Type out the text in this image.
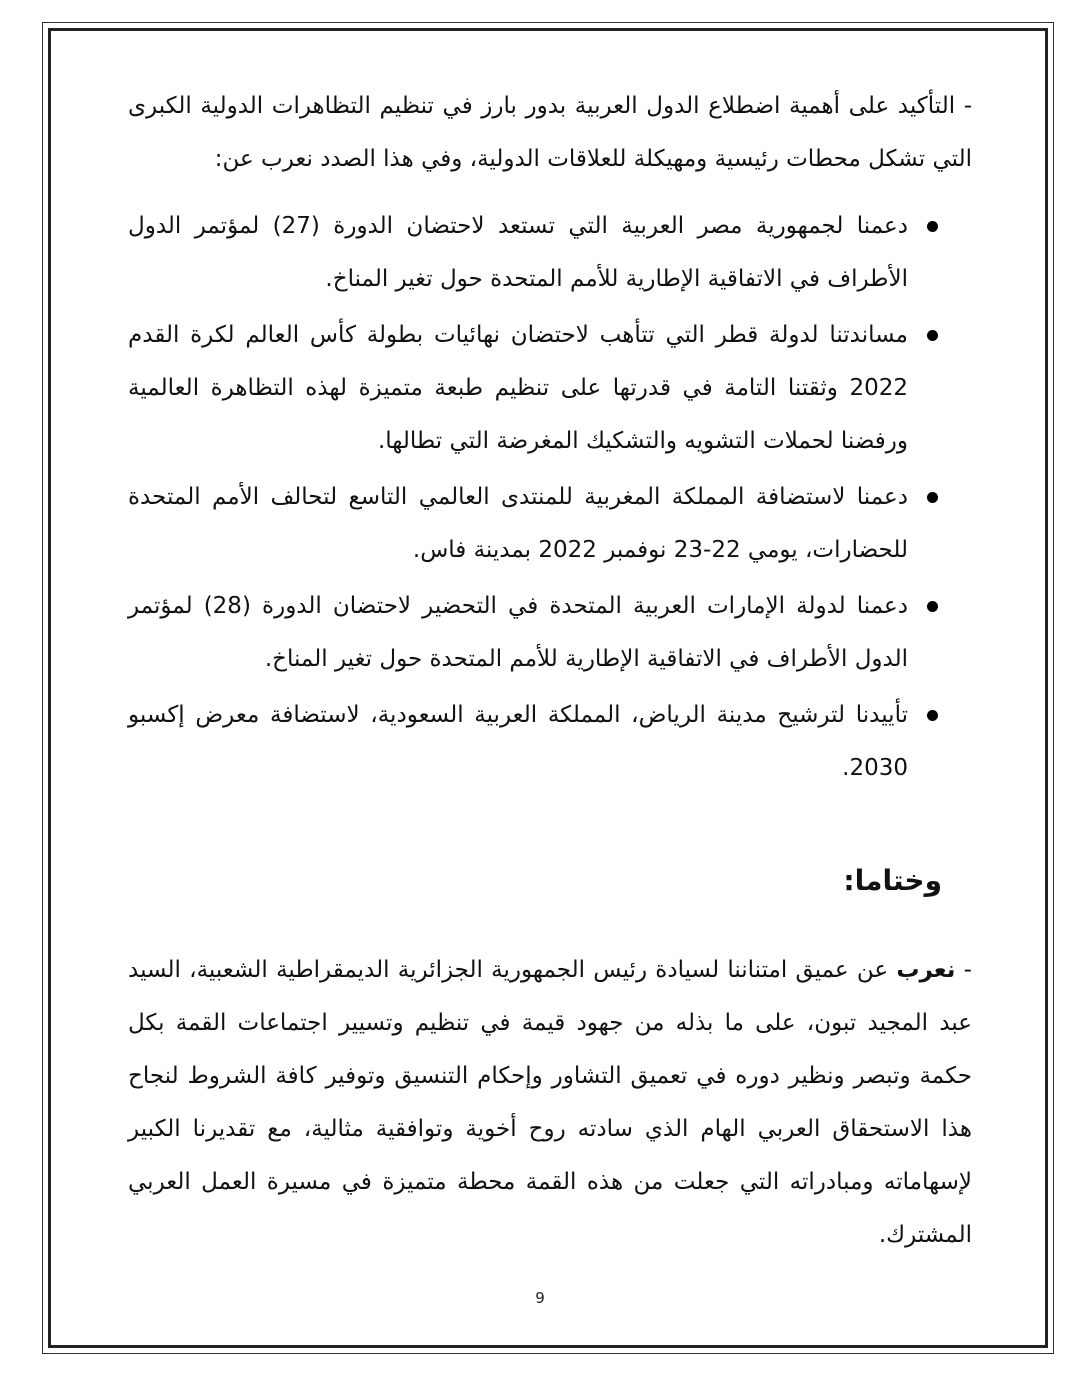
- التأكيد على أهمية اضطلاع الدول العربية بدور بارز في تنظيم التظاهرات الدولية الكبرى التي تشكل محطات رئيسية ومهيكلة للعلاقات الدولية، وفي هذا الصدد نعرب عن:

دعمنا لجمهورية مصر العربية التي تستعد لاحتضان الدورة (27) لمؤتمر الدول الأطراف في الاتفاقية الإطارية للأمم المتحدة حول تغير المناخ.
مساندتنا لدولة قطر التي تتأهب لاحتضان نهائيات بطولة كأس العالم لكرة القدم 2022 وثقتنا التامة في قدرتها على تنظيم طبعة متميزة لهذه التظاهرة العالمية ورفضنا لحملات التشويه والتشكيك المغرضة التي تطالها.
دعمنا لاستضافة المملكة المغربية للمنتدى العالمي التاسع لتحالف الأمم المتحدة للحضارات، يومي 22-23 نوفمبر 2022 بمدينة فاس.
دعمنا لدولة الإمارات العربية المتحدة في التحضير لاحتضان الدورة (28) لمؤتمر الدول الأطراف في الاتفاقية الإطارية للأمم المتحدة حول تغير المناخ.
تأييدنا لترشيح مدينة الرياض، المملكة العربية السعودية، لاستضافة معرض إكسبو 2030.
وختاما:

- نعرب عن عميق امتناننا لسيادة رئيس الجمهورية الجزائرية الديمقراطية الشعبية، السيد عبد المجيد تبون، على ما بذله من جهود قيمة في تنظيم وتسيير اجتماعات القمة بكل حكمة وتبصر ونظير دوره في تعميق التشاور وإحكام التنسيق وتوفير كافة الشروط لنجاح هذا الاستحقاق العربي الهام الذي سادته روح أخوية وتوافقية مثالية، مع تقديرنا الكبير لإسهاماته ومبادراته التي جعلت من هذه القمة محطة متميزة في مسيرة العمل العربي المشترك.

9
